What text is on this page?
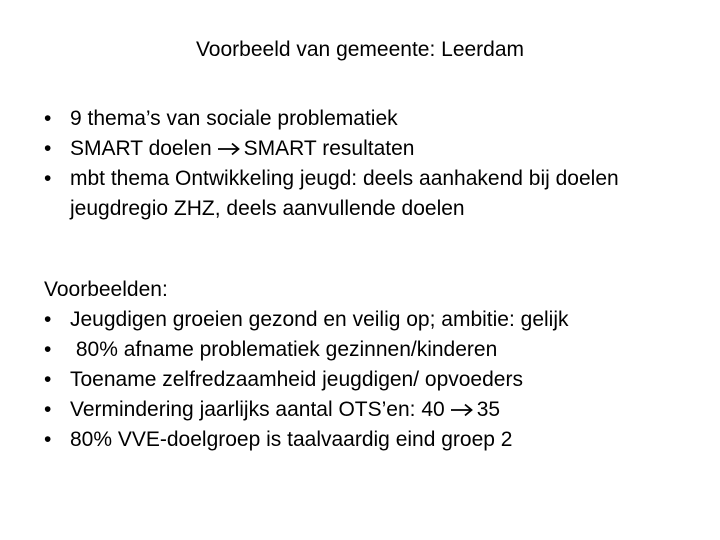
Voorbeeld van gemeente: Leerdam
• 9 thema’s van sociale problematiek
• SMART doelen SMART resultaten
• mbt thema Ontwikkeling jeugd: deels aanhakend bij doelen jeugdregio ZHZ, deels aanvullende doelen
Voorbeelden:
• Jeugdigen groeien gezond en veilig op; ambitie: gelijk
• 80% afname problematiek gezinnen/kinderen
• Toename zelfredzaamheid jeugdigen/ opvoeders
• Vermindering jaarlijks aantal OTS’en: 40 35
• 80% VVE-doelgroep is taalvaardig eind groep 2
